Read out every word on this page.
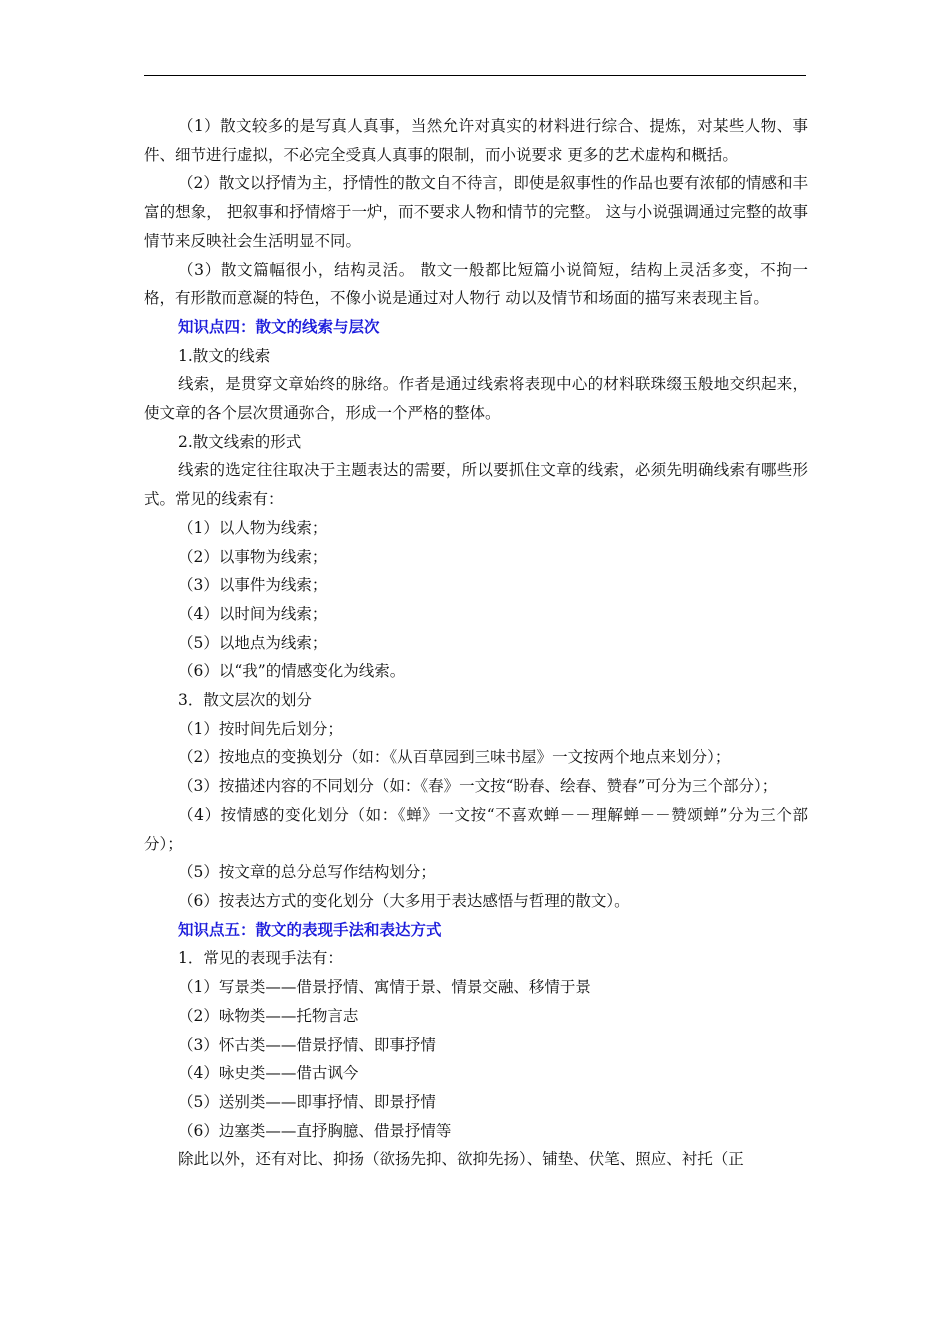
（1）散文较多的是写真人真事，当然允许对真实的材料进行综合、提炼，对某些人物、事件、细节进行虚拟，不必完全受真人真事的限制，而小说要求 更多的艺术虚构和概括。

（2）散文以抒情为主，抒情性的散文自不待言，即使是叙事性的作品也要有浓郁的情感和丰富的想象， 把叙事和抒情熔于一炉，而不要求人物和情节的完整。 这与小说强调通过完整的故事情节来反映社会生活明显不同。

（3）散文篇幅很小，结构灵活。 散文一般都比短篇小说简短，结构上灵活多变，不拘一格，有形散而意凝的特色，不像小说是通过对人物行 动以及情节和场面的描写来表现主旨。

知识点四：散文的线索与层次

1.散文的线索

线索，是贯穿文章始终的脉络。作者是通过线索将表现中心的材料联珠缀玉般地交织起来，使文章的各个层次贯通弥合，形成一个严格的整体。

2.散文线索的形式

线索的选定往往取决于主题表达的需要，所以要抓住文章的线索，必须先明确线索有哪些形式。常见的线索有：

（1）以人物为线索；

（2）以事物为线索；

（3）以事件为线索；

（4）以时间为线索；

（5）以地点为线索；

（6）以“我”的情感变化为线索。

3．散文层次的划分

（1）按时间先后划分；

（2）按地点的变换划分（如：《从百草园到三味书屋》一文按两个地点来划分）；

（3）按描述内容的不同划分（如：《春》一文按“盼春、绘春、赞春”可分为三个部分）；

（4）按情感的变化划分（如：《蝉》一文按“不喜欢蝉－－理解蝉－－赞颂蝉”分为三个部分）；

（5）按文章的总分总写作结构划分；

（6）按表达方式的变化划分（大多用于表达感悟与哲理的散文）。

知识点五：散文的表现手法和表达方式

1．常见的表现手法有：

（1）写景类——借景抒情、寓情于景、情景交融、移情于景

（2）咏物类——托物言志

（3）怀古类——借景抒情、即事抒情

（4）咏史类——借古讽今

（5）送别类——即事抒情、即景抒情

（6）边塞类——直抒胸臆、借景抒情等

除此以外，还有对比、抑扬（欲扬先抑、欲抑先扬）、铺垫、伏笔、照应、衬托（正
